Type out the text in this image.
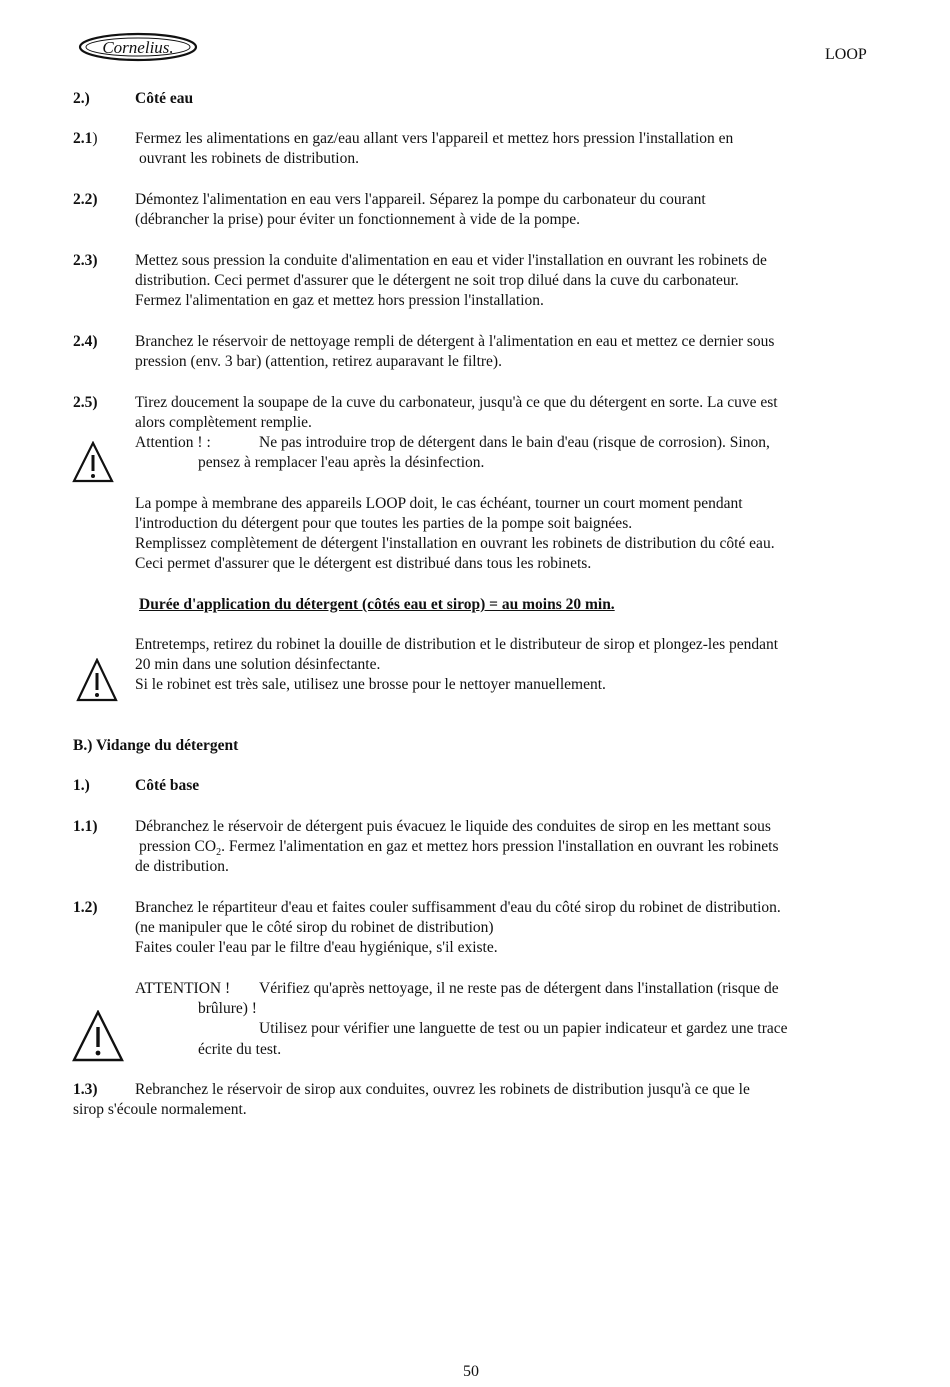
Cornelius.	LOOP
2.)	Côté eau
2.1) Fermez les alimentations en gaz/eau allant vers l'appareil et mettez hors pression l'installation en
ouvrant les robinets de distribution.
2.2) Démontez l'alimentation en eau vers l'appareil. Séparez la pompe du carbonateur du courant
(débrancher la prise) pour éviter un fonctionnement à vide de la pompe.
2.3) Mettez sous pression la conduite d'alimentation en eau et vider l'installation en ouvrant les robinets de
distribution. Ceci permet d'assurer que le détergent ne soit trop dilué dans la cuve du carbonateur.
Fermez l'alimentation en gaz et mettez hors pression l'installation.
2.4) Branchez le réservoir de nettoyage rempli de détergent à l'alimentation en eau et mettez ce dernier sous
pression (env. 3 bar) (attention, retirez auparavant le filtre).
2.5) Tirez doucement la soupape de la cuve du carbonateur, jusqu'à ce que du détergent en sorte. La cuve est
alors complètement remplie.
Attention ! :	Ne pas introduire trop de détergent dans le bain d'eau (risque de corrosion). Sinon,
pensez à remplacer l'eau après la désinfection.
La pompe à membrane des appareils LOOP doit, le cas échéant, tourner un court moment pendant
l'introduction du détergent pour que toutes les parties de la pompe soit baignées.
Remplissez complètement de détergent l'installation en ouvrant les robinets de distribution du côté eau.
Ceci permet d'assurer que le détergent est distribué dans tous les robinets.
Durée d'application du détergent (côtés eau et sirop) = au moins 20 min.
Entretemps, retirez du robinet la douille de distribution et le distributeur de sirop et plongez-les pendant
20 min dans une solution désinfectante.
Si le robinet est très sale, utilisez une brosse pour le nettoyer manuellement.
B.) Vidange du détergent
1.)	Côté base
1.1) Débranchez le réservoir de détergent puis évacuez le liquide des conduites de sirop en les mettant sous
pression $CO_2$. Fermez l'alimentation en gaz et mettez hors pression l'installation en ouvrant les robinets
de distribution.
1.2) Branchez le répartiteur d'eau et faites couler suffisamment d'eau du côté sirop du robinet de distribution.
(ne manipuler que le côté sirop du robinet de distribution)
Faites couler l'eau par le filtre d'eau hygiénique, s'il existe.
ATTENTION ! Vérifiez qu'après nettoyage, il ne reste pas de détergent dans l'installation (risque de
brûlure) !
Utilisez pour vérifier une languette de test ou un papier indicateur et gardez une trace
écrite du test.
1.3) Rebranchez le réservoir de sirop aux conduites, ouvrez les robinets de distribution jusqu'à ce que le
sirop s'écoule normalement.
50
